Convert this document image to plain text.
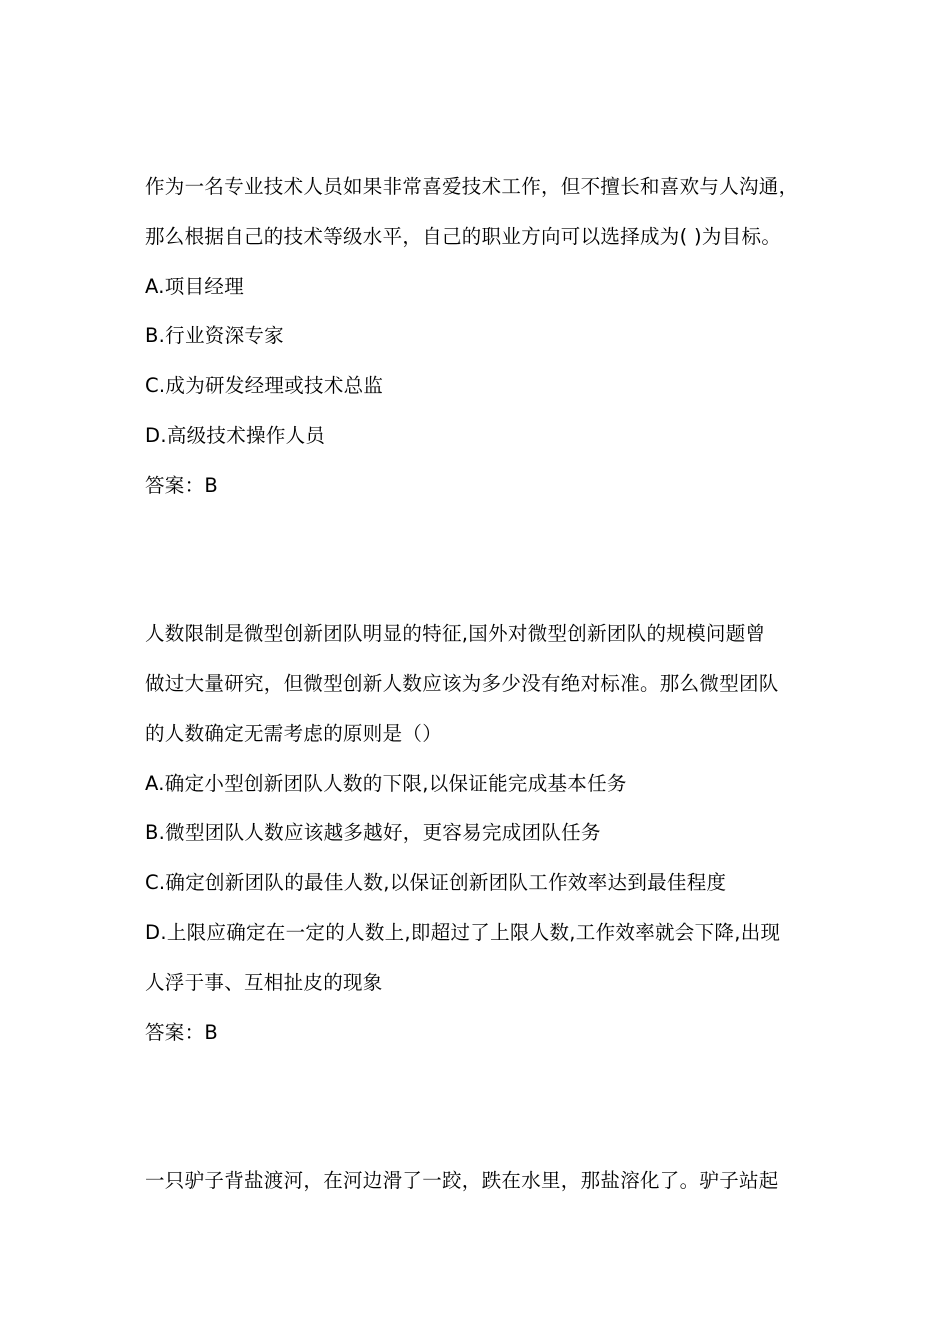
作为一名专业技术人员如果非常喜爱技术工作，但不擅长和喜欢与人沟通，

那么根据自己的技术等级水平，自己的职业方向可以选择成为( )为目标。

A.项目经理

B.行业资深专家

C.成为研发经理或技术总监

D.高级技术操作人员

答案：B

人数限制是微型创新团队明显的特征,国外对微型创新团队的规模问题曾

做过大量研究，但微型创新人数应该为多少没有绝对标准。那么微型团队

的人数确定无需考虑的原则是（）

A.确定小型创新团队人数的下限,以保证能完成基本任务

B.微型团队人数应该越多越好，更容易完成团队任务

C.确定创新团队的最佳人数,以保证创新团队工作效率达到最佳程度

D.上限应确定在一定的人数上,即超过了上限人数,工作效率就会下降,出现

人浮于事、互相扯皮的现象

答案：B

一只驴子背盐渡河，在河边滑了一跤，跌在水里，那盐溶化了。驴子站起
